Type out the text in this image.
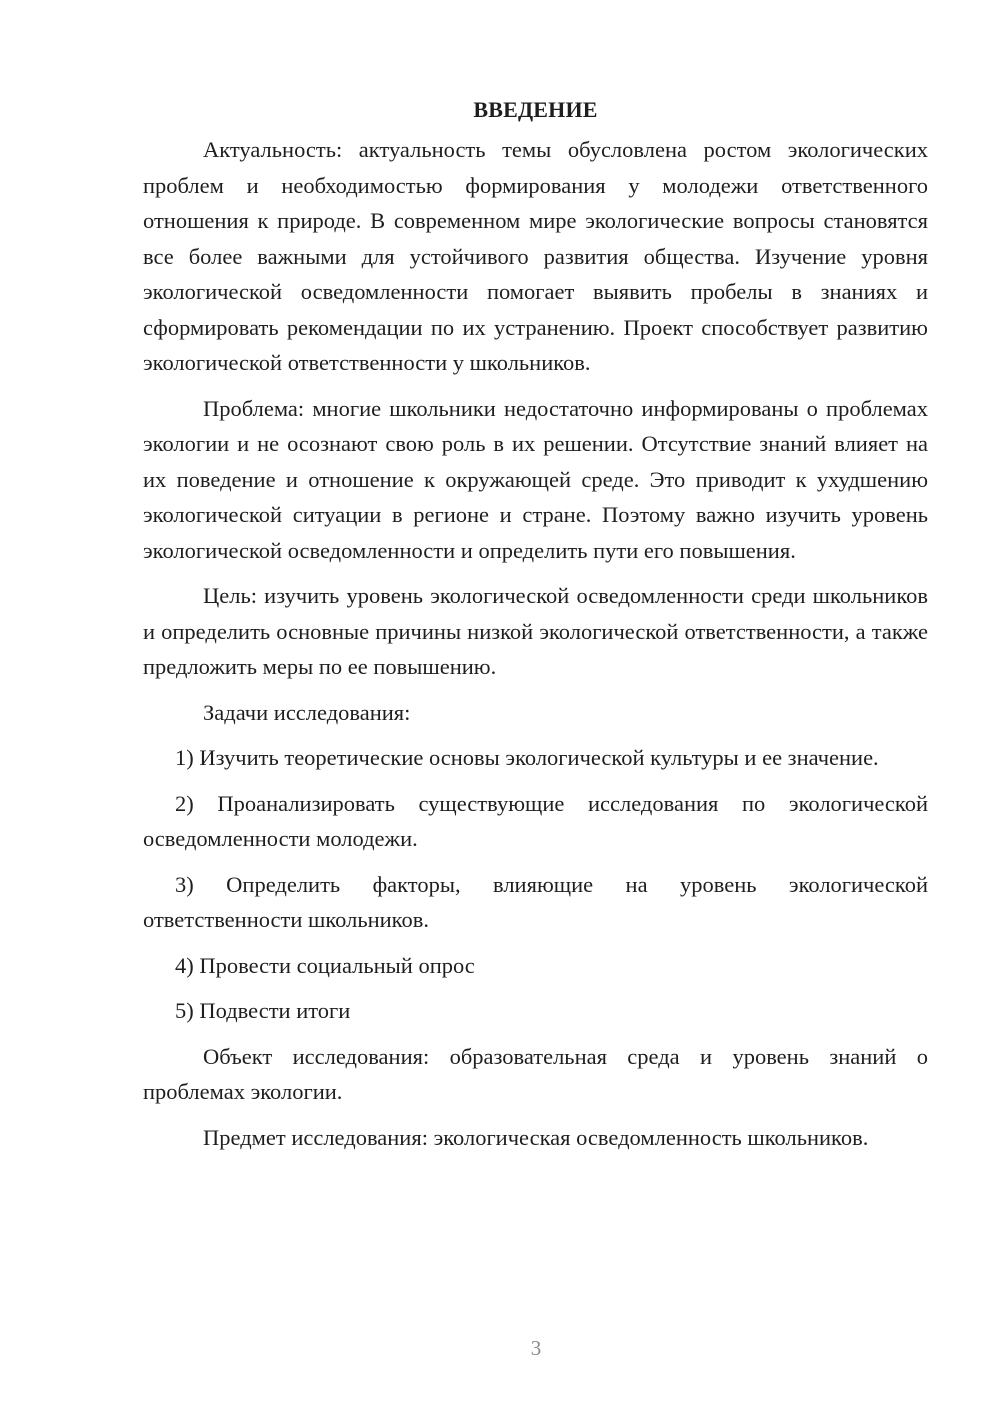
ВВЕДЕНИЕ

Актуальность: актуальность темы обусловлена ростом экологических проблем и необходимостью формирования у молодежи ответственного отношения к природе. В современном мире экологические вопросы становятся все более важными для устойчивого развития общества. Изучение уровня экологической осведомленности помогает выявить пробелы в знаниях и сформировать рекомендации по их устранению. Проект способствует развитию экологической ответственности у школьников.

Проблема: многие школьники недостаточно информированы о проблемах экологии и не осознают свою роль в их решении. Отсутствие знаний влияет на их поведение и отношение к окружающей среде. Это приводит к ухудшению экологической ситуации в регионе и стране. Поэтому важно изучить уровень экологической осведомленности и определить пути его повышения.

Цель: изучить уровень экологической осведомленности среди школьников и определить основные причины низкой экологической ответственности, а также предложить меры по ее повышению.

Задачи исследования:

1) Изучить теоретические основы экологической культуры и ее значение.

2) Проанализировать существующие исследования по экологической осведомленности молодежи.

3) Определить факторы, влияющие на уровень экологической ответственности школьников.

4) Провести социальный опрос

5) Подвести итоги

Объект исследования: образовательная среда и уровень знаний о проблемах экологии.

Предмет исследования: экологическая осведомленность школьников.

3
